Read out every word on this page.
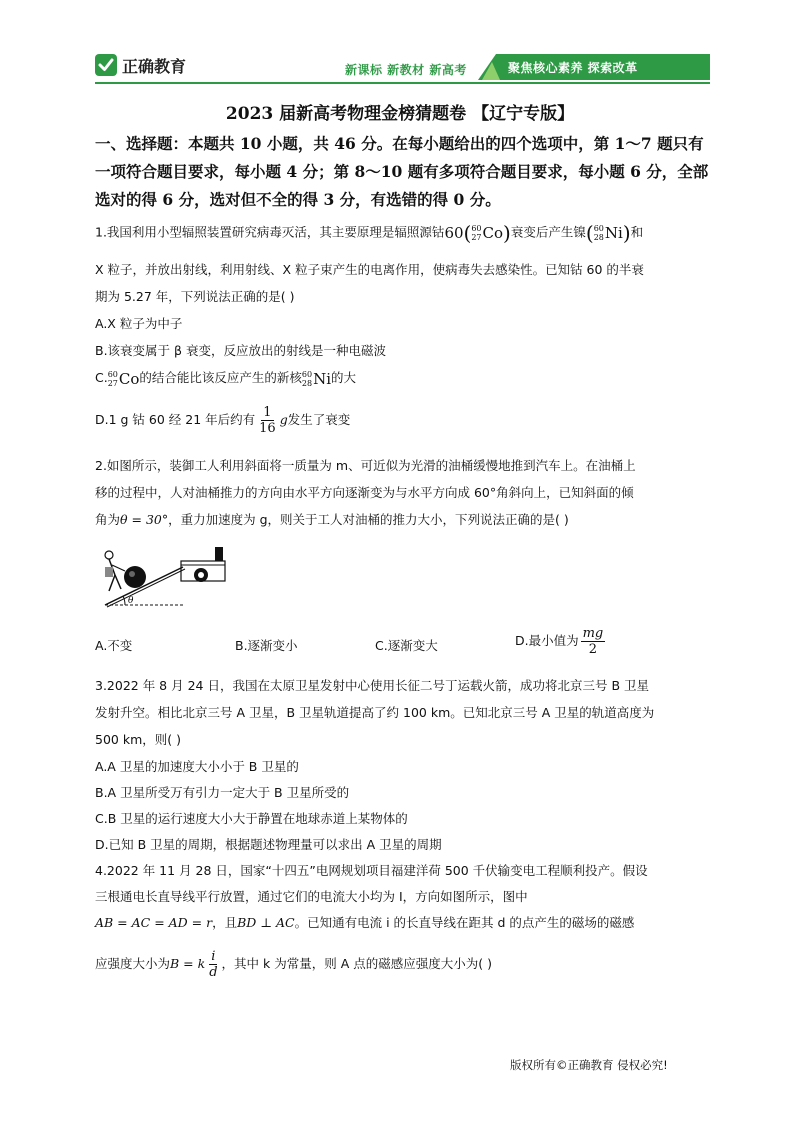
正确教育	新课标 新教材 新高考	聚焦核心素养 探索改革
2023 届新高考物理金榜猜题卷 【辽宁专版】
一、选择题：本题共 10 小题，共 46 分。在每小题给出的四个选项中，第 1～7 题只有一项符合题目要求，每小题 4 分；第 8～10 题有多项符合题目要求，每小题 6 分，全部选对的得 6 分，选对但不全的得 3 分，有选错的得 0 分。
1.我国利用小型辐照装置研究病毒灭活，其主要原理是辐照源钴60( 60
27 Co)衰变后产生镍( 60
28 Ni)和
X 粒子，并放出射线，利用射线、X 粒子束产生的电离作用，使病毒失去感染性。已知钴 60 的半衰
期为 5.27 年，下列说法正确的是( )
A.X 粒子为中子
B.该衰变属于 β 衰变，反应放出的射线是一种电磁波
C. 60
27 Co的结合能比该反应产生的新核 60
28 Ni的大
D.1 g 钴 60 经 21 年后约有 $\frac{1}{16}$ g发生了衰变
2.如图所示，装御工人利用斜面将一质量为 m、可近似为光滑的油桶缓慢地推到汽车上。在油桶上
移的过程中，人对油桶推力的方向由水平方向逐渐变为与水平方向成 60°角斜向上，已知斜面的倾
角为θ = 30°，重力加速度为 g，则关于工人对油桶的推力大小，下列说法正确的是( )
θ
A.不变	B.逐渐变小	C.逐渐变大	D.最小值为 $\frac{mg}{2}$
3.2022 年 8 月 24 日，我国在太原卫星发射中心使用长征二号丁运载火箭，成功将北京三号 B 卫星
发射升空。相比北京三号 A 卫星，B 卫星轨道提高了约 100 km。已知北京三号 A 卫星的轨道高度为
500 km，则( )
A.A 卫星的加速度大小小于 B 卫星的
B.A 卫星所受万有引力一定大于 B 卫星所受的
C.B 卫星的运行速度大小大于静置在地球赤道上某物体的
D.已知 B 卫星的周期，根据题述物理量可以求出 A 卫星的周期
4.2022 年 11 月 28 日，国家“十四五”电网规划项目福建洋荷 500 千伏输变电工程顺利投产。假设
三根通电长直导线平行放置，通过它们的电流大小均为 I，方向如图所示，图中
AB = AC = AD = r，且BD ⊥ AC。已知通有电流 i 的长直导线在距其 d 的点产生的磁场的磁感
应强度大小为B = k $\frac{i}{d}$ ，其中 k 为常量，则 A 点的磁感应强度大小为( )
版权所有©正确教育 侵权必究!
